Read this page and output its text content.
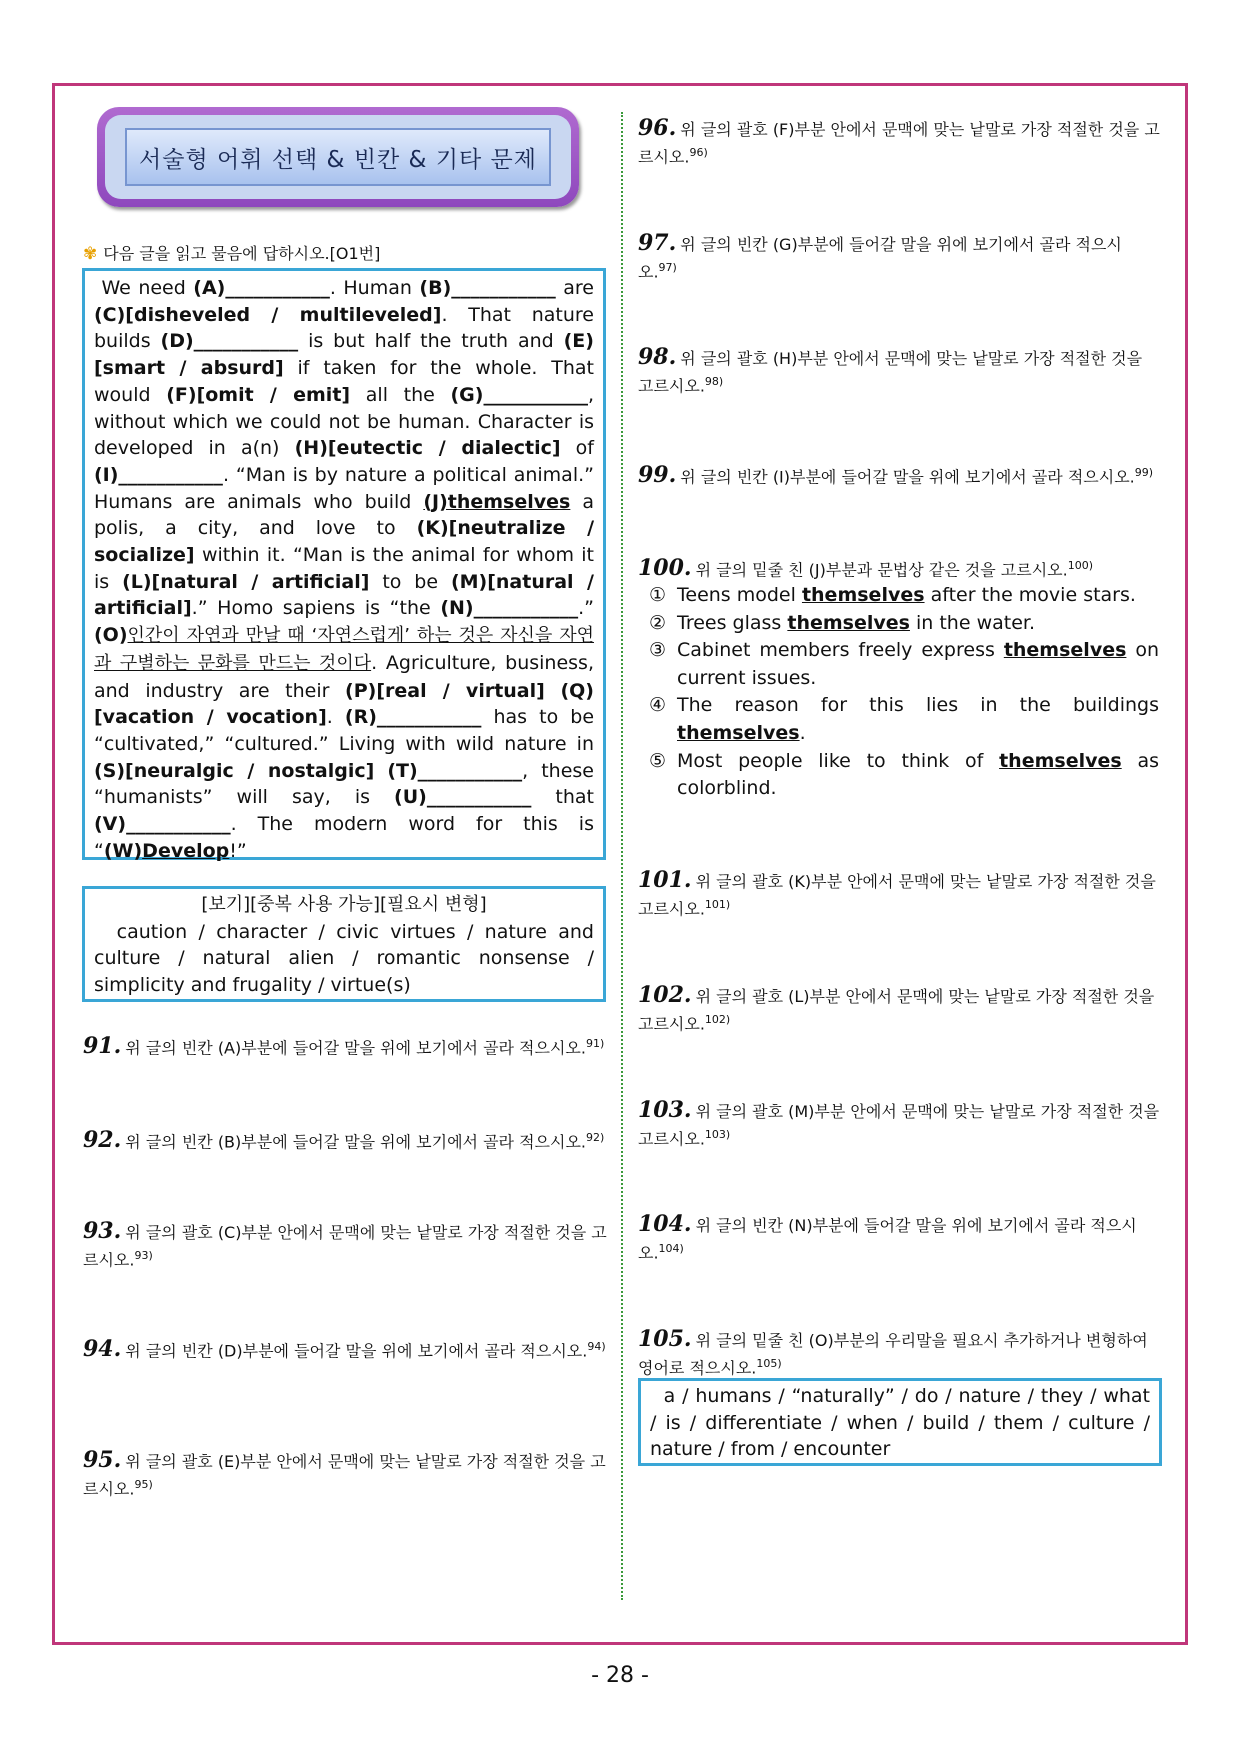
서술형 어휘 선택 & 빈칸 & 기타 문제
✾ 다음 글을 읽고 물음에 답하시오.[O1번]
We need (A)___________. Human (B)___________ are (C)[disheveled / multileveled]. That nature builds (D)___________ is but half the truth and (E)[smart / absurd] if taken for the whole. That would (F)[omit / emit] all the (G)___________, without which we could not be human. Character is developed in a(n) (H)[eutectic / dialectic] of (I)___________. “Man is by nature a political animal.” Humans are animals who build (J)themselves a polis, a city, and love to (K)[neutralize / socialize] within it. “Man is the animal for whom it is (L)[natural / artificial] to be (M)[natural / artificial].” Homo sapiens is “the (N)___________.” (O)인간이 자연과 만날 때 ‘자연스럽게’ 하는 것은 자신을 자연과 구별하는 문화를 만드는 것이다. Agriculture, business, and industry are their (P)[real / virtual] (Q)[vacation / vocation]. (R)___________ has to be “cultivated,” “cultured.” Living with wild nature in (S)[neuralgic / nostalgic] (T)___________, these “humanists” will say, is (U)___________ that (V)___________. The modern word for this is “(W)Develop!”
[보기][중복 사용 가능][필요시 변형]
caution / character / civic virtues / nature and culture / natural alien / romantic nonsense / simplicity and frugality / virtue(s)
91. 위 글의 빈칸 (A)부분에 들어갈 말을 위에 보기에서 골라 적으시오.$^{91)}$
92. 위 글의 빈칸 (B)부분에 들어갈 말을 위에 보기에서 골라 적으시오.$^{92)}$
93. 위 글의 괄호 (C)부분 안에서 문맥에 맞는 낱말로 가장 적절한 것을 고르시오.$^{93)}$
94. 위 글의 빈칸 (D)부분에 들어갈 말을 위에 보기에서 골라 적으시오.$^{94)}$
95. 위 글의 괄호 (E)부분 안에서 문맥에 맞는 낱말로 가장 적절한 것을 고르시오.$^{95)}$
96. 위 글의 괄호 (F)부분 안에서 문맥에 맞는 낱말로 가장 적절한 것을 고르시오.$^{96)}$
97. 위 글의 빈칸 (G)부분에 들어갈 말을 위에 보기에서 골라 적으시오.$^{97)}$
98. 위 글의 괄호 (H)부분 안에서 문맥에 맞는 낱말로 가장 적절한 것을 고르시오.$^{98)}$
99. 위 글의 빈칸 (I)부분에 들어갈 말을 위에 보기에서 골라 적으시오.$^{99)}$
100. 위 글의 밑줄 친 (J)부분과 문법상 같은 것을 고르시오.$^{100)}$
① Teens model themselves after the movie stars.
② Trees glass themselves in the water.
③ Cabinet members freely express themselves on current issues.
④ The reason for this lies in the buildings themselves.
⑤ Most people like to think of themselves as colorblind.
101. 위 글의 괄호 (K)부분 안에서 문맥에 맞는 낱말로 가장 적절한 것을 고르시오.$^{101)}$
102. 위 글의 괄호 (L)부분 안에서 문맥에 맞는 낱말로 가장 적절한 것을 고르시오.$^{102)}$
103. 위 글의 괄호 (M)부분 안에서 문맥에 맞는 낱말로 가장 적절한 것을 고르시오.$^{103)}$
104. 위 글의 빈칸 (N)부분에 들어갈 말을 위에 보기에서 골라 적으시오.$^{104)}$
105. 위 글의 밑줄 친 (O)부분의 우리말을 필요시 추가하거나 변형하여 영어로 적으시오.$^{105)}$
a / humans / “naturally” / do / nature / they / what / is / differentiate / when / build / them / culture / nature / from / encounter
- 28 -
